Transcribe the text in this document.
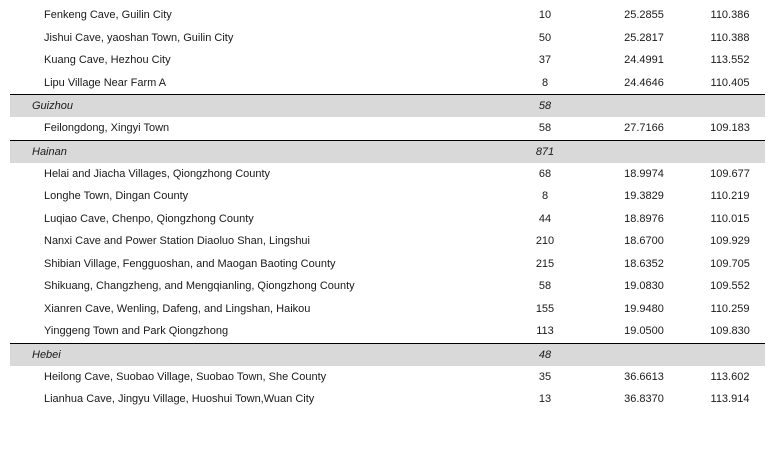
Fenkeng Cave, Guilin City	10	25.2855	110.386
Jishui Cave, yaoshan Town, Guilin City	50	25.2817	110.388
Kuang Cave, Hezhou City	37	24.4991	113.552
Lipu Village Near Farm A	8	24.4646	110.405
Guizhou	58
Feilongdong, Xingyi Town	58	27.7166	109.183
Hainan	871
Helai and Jiacha Villages, Qiongzhong County	68	18.9974	109.677
Longhe Town, Dingan County	8	19.3829	110.219
Luqiao Cave, Chenpo, Qiongzhong County	44	18.8976	110.015
Nanxi Cave and Power Station Diaoluo Shan, Lingshui	210	18.6700	109.929
Shibian Village, Fengguoshan, and Maogan Baoting County	215	18.6352	109.705
Shikuang, Changzheng, and Mengqianling, Qiongzhong County	58	19.0830	109.552
Xianren Cave, Wenling, Dafeng, and Lingshan, Haikou	155	19.9480	110.259
Yinggeng Town and Park Qiongzhong	113	19.0500	109.830
Hebei	48
Heilong Cave, Suobao Village, Suobao Town, She County	35	36.6613	113.602
Lianhua Cave, Jingyu Village, Huoshui Town,Wuan City	13	36.8370	113.914
